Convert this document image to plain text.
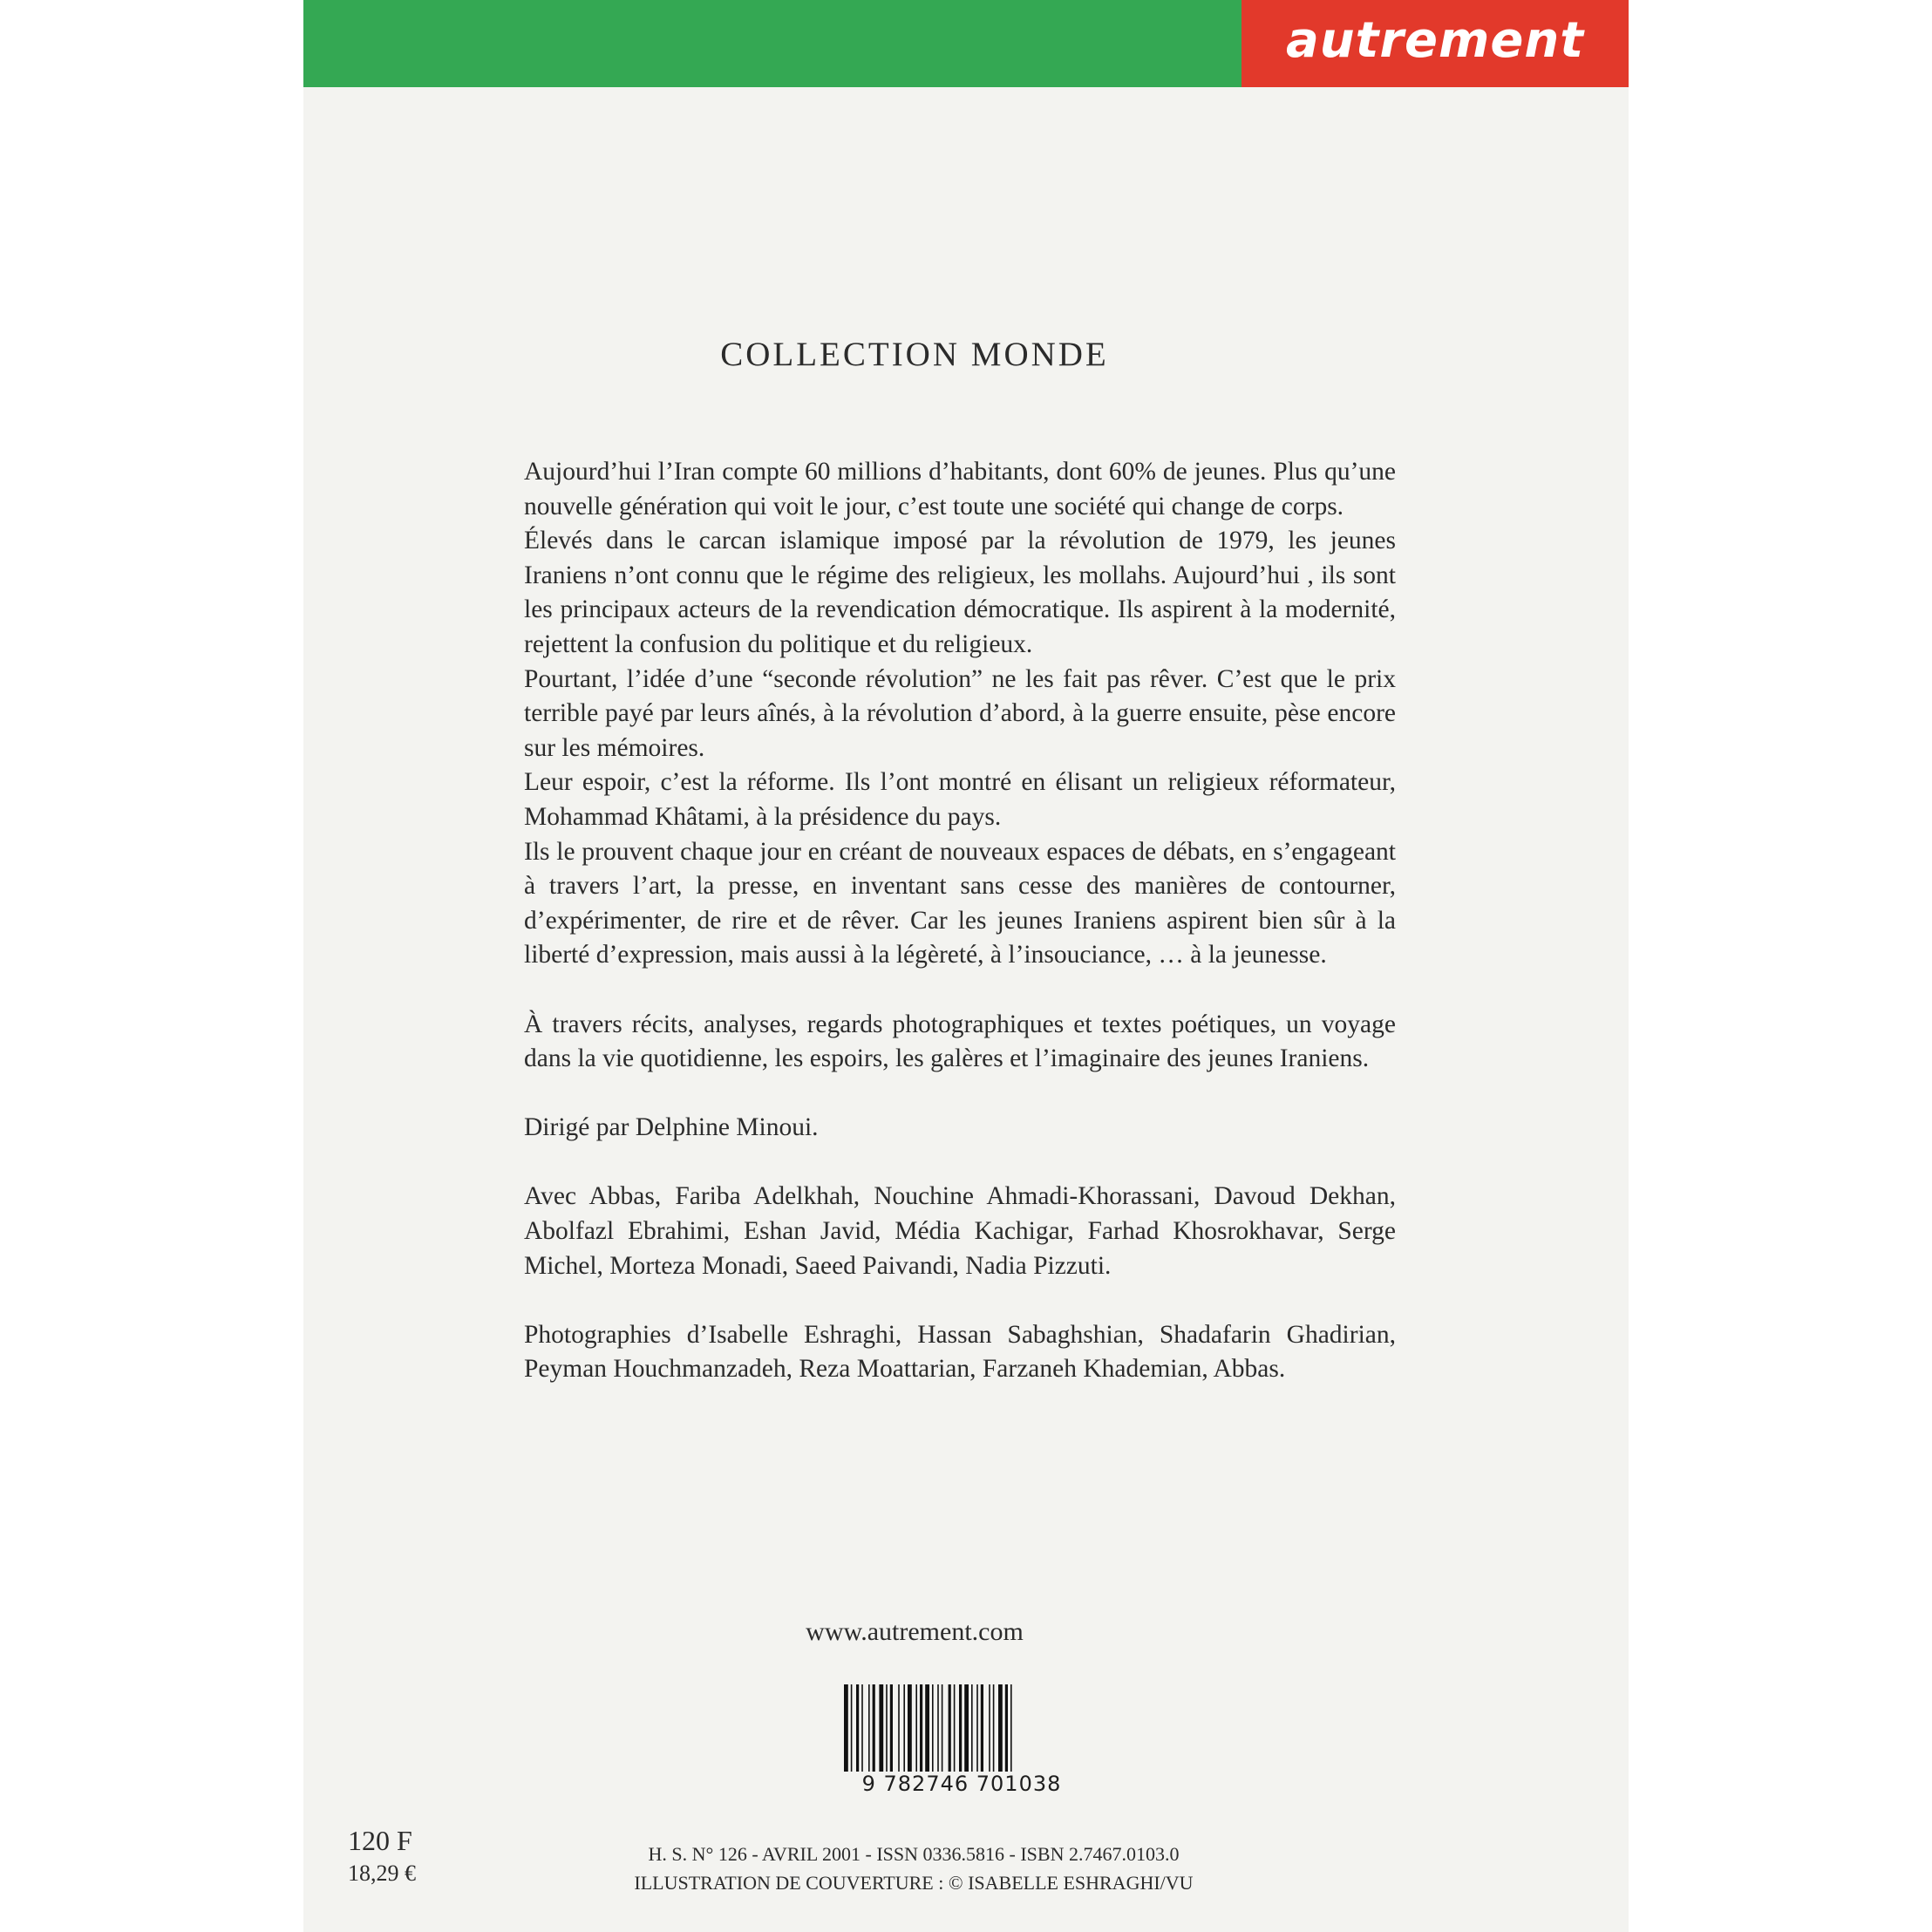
autrement
COLLECTION MONDE

Aujourd’hui l’Iran compte 60 millions d’habitants, dont 60% de jeunes. Plus qu’une nouvelle génération qui voit le jour, c’est toute une société qui change de corps.

Élevés dans le carcan islamique imposé par la révolution de 1979, les jeunes Iraniens n’ont connu que le régime des religieux, les mollahs. Aujourd’hui , ils sont les principaux acteurs de la revendication démocratique. Ils aspirent à la modernité, rejettent la confusion du politique et du religieux.

Pourtant, l’idée d’une “seconde révolution” ne les fait pas rêver. C’est que le prix terrible payé par leurs aînés, à la révolution d’abord, à la guerre ensuite, pèse encore sur les mémoires.

Leur espoir, c’est la réforme. Ils l’ont montré en élisant un religieux réformateur, Mohammad Khâtami, à la présidence du pays.

Ils le prouvent chaque jour en créant de nouveaux espaces de débats, en s’engageant à travers l’art, la presse, en inventant sans cesse des manières de contourner, d’expérimenter, de rire et de rêver. Car les jeunes Iraniens aspirent bien sûr à la liberté d’expression, mais aussi à la légèreté, à l’insouciance, … à la jeunesse.

À travers récits, analyses, regards photographiques et textes poétiques, un voyage dans la vie quotidienne, les espoirs, les galères et l’imaginaire des jeunes Iraniens.

Dirigé par Delphine Minoui.

Avec Abbas, Fariba Adelkhah, Nouchine Ahmadi-Khorassani, Davoud Dekhan, Abolfazl Ebrahimi, Eshan Javid, Média Kachigar, Farhad Khosrokhavar, Serge Michel, Morteza Monadi, Saeed Paivandi, Nadia Pizzuti.

Photographies d’Isabelle Eshraghi, Hassan Sabaghshian, Shadafarin Ghadirian, Peyman Houchmanzadeh, Reza Moattarian, Farzaneh Khademian, Abbas.

www.autrement.com
9 782746 701038
120 F
18,29 €
H. S. N° 126 - AVRIL 2001 - ISSN 0336.5816 - ISBN 2.7467.0103.0
ILLUSTRATION DE COUVERTURE : © ISABELLE ESHRAGHI/VU
